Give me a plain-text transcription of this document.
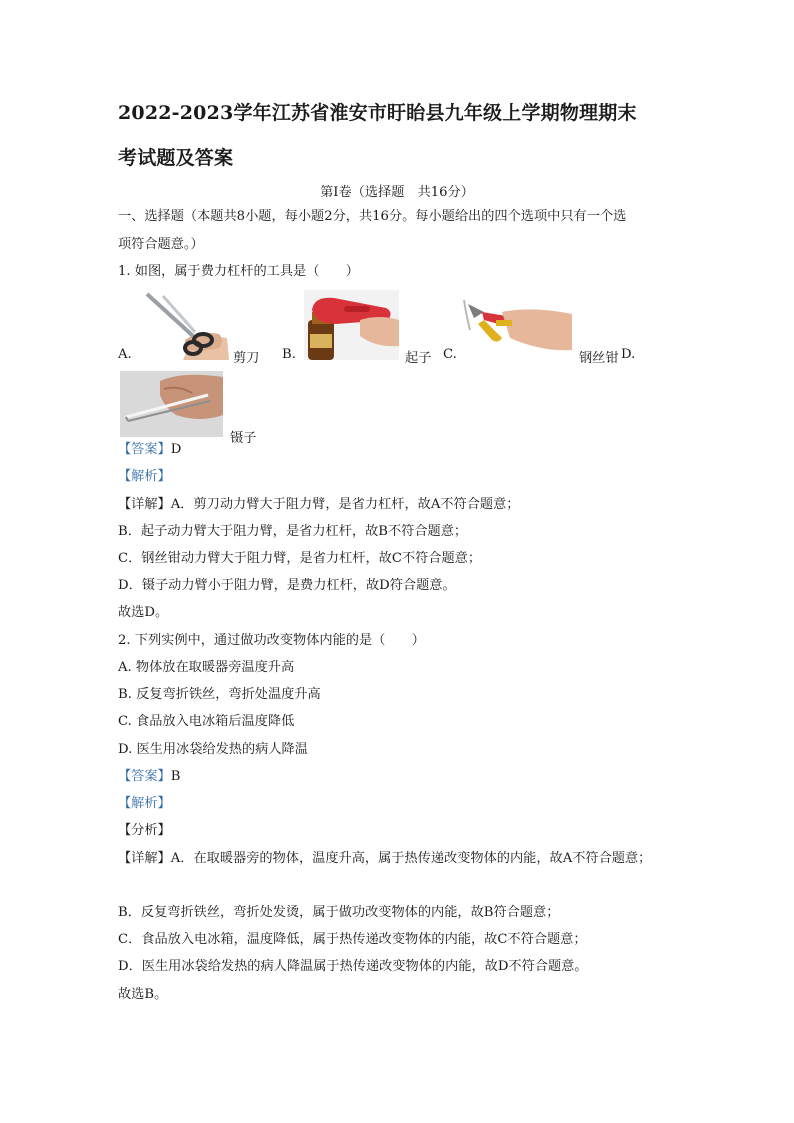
2022-2023学年江苏省淮安市盱眙县九年级上学期物理期末
考试题及答案
第Ⅰ卷（选择题　共16分）
一、选择题（本题共8小题，每小题2分，共16分。每小题给出的四个选项中只有一个选
项符合题意。）
1. 如图，属于费力杠杆的工具是（　　）
A.	剪刀 B.	起子 C.	钢丝钳 D.
镊子
【答案】D
【解析】
【详解】A．剪刀动力臂大于阻力臂，是省力杠杆，故A不符合题意；
B．起子动力臂大于阻力臂，是省力杠杆，故B不符合题意；
C．钢丝钳动力臂大于阻力臂，是省力杠杆，故C不符合题意；
D．镊子动力臂小于阻力臂，是费力杠杆，故D符合题意。
故选D。
2. 下列实例中，通过做功改变物体内能的是（　　）
A. 物体放在取暖器旁温度升高
B. 反复弯折铁丝，弯折处温度升高
C. 食品放入电冰箱后温度降低
D. 医生用冰袋给发热的病人降温
【答案】B
【解析】
【分析】
【详解】A．在取暖器旁的物体，温度升高，属于热传递改变物体的内能，故A不符合题意；
B．反复弯折铁丝，弯折处发烫，属于做功改变物体的内能，故B符合题意；
C．食品放入电冰箱，温度降低，属于热传递改变物体的内能，故C不符合题意；
D．医生用冰袋给发热的病人降温属于热传递改变物体的内能，故D不符合题意。
故选B。
